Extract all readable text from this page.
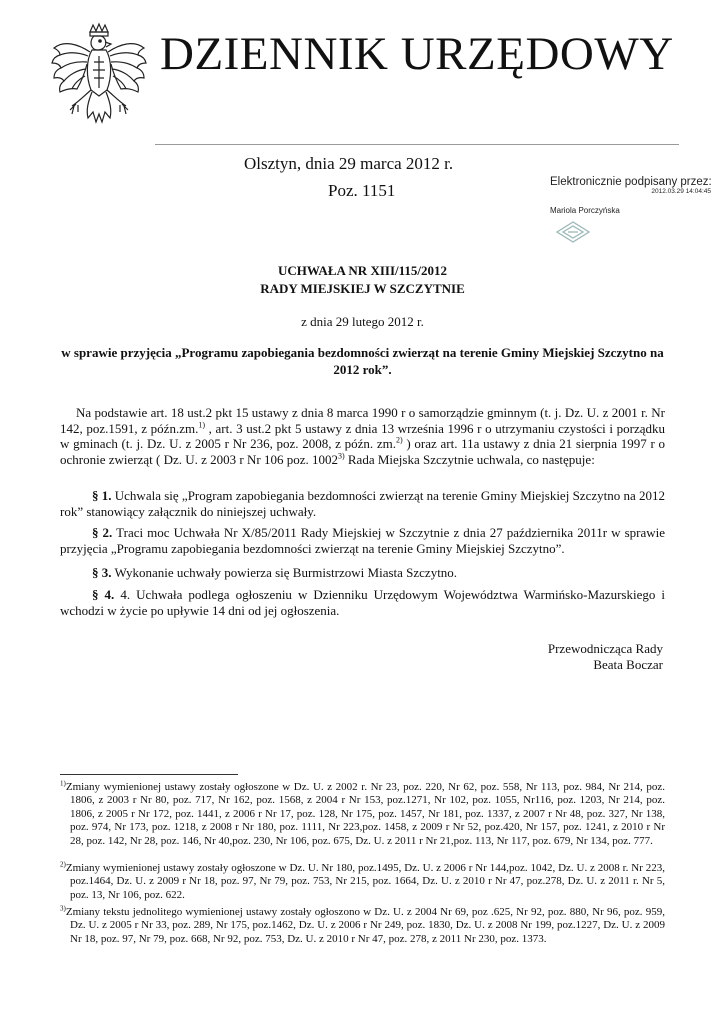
DZIENNIK URZĘDOWY
Olsztyn, dnia 29 marca 2012 r.
Poz. 1151	Elektronicznie podpisany przez:
2012.03.29 14:04:45
Mariola Porczyńska
UCHWAŁA NR XIII/115/2012
RADY MIEJSKIEJ W SZCZYTNIE
z dnia 29 lutego 2012 r.
w sprawie przyjęcia „Programu zapobiegania bezdomności zwierząt na terenie Gminy Miejskiej Szczytno na 2012 rok”.
Na podstawie art. 18 ust.2 pkt 15 ustawy z dnia 8 marca 1990 r o samorządzie gminnym (t. j. Dz. U. z 2001 r. Nr 142, poz.1591, z późn.zm.$^{1)}$ , art. 3 ust.2 pkt 5 ustawy z dnia 13 września 1996 r o utrzymaniu czystości i porządku w gminach (t. j. Dz. U. z 2005 r Nr 236, poz. 2008, z późn. zm.$^{2)}$ ) oraz art. 11a ustawy z dnia 21 sierpnia 1997 r o ochronie zwierząt ( Dz. U. z 2003 r Nr 106 poz. 1002$^{3)}$ Rada Miejska Szczytnie uchwala, co następuje:
§ 1. Uchwala się „Program zapobiegania bezdomności zwierząt na terenie Gminy Miejskiej Szczytno na 2012 rok” stanowiący załącznik do niniejszej uchwały.
§ 2. Traci moc Uchwała Nr X/85/2011 Rady Miejskiej w Szczytnie z dnia 27 października 2011r w sprawie przyjęcia „Programu zapobiegania bezdomności zwierząt na terenie Gminy Miejskiej Szczytno”.
§ 3. Wykonanie uchwały powierza się Burmistrzowi Miasta Szczytno.
§ 4. 4. Uchwała podlega ogłoszeniu w Dzienniku Urzędowym Województwa Warmińsko-Mazurskiego i wchodzi w życie po upływie 14 dni od jej ogłoszenia.
Przewodnicząca Rady
Beata Boczar
$^{1)}$Zmiany wymienionej ustawy zostały ogłoszone w Dz. U. z 2002 r. Nr 23, poz. 220, Nr 62, poz. 558, Nr 113, poz. 984, Nr 214, poz. 1806, z 2003 r Nr 80, poz. 717, Nr 162, poz. 1568, z 2004 r Nr 153, poz.1271, Nr 102, poz. 1055, Nr116, poz. 1203, Nr 214, poz. 1806, z 2005 r Nr 172, poz. 1441, z 2006 r Nr 17, poz. 128, Nr 175, poz. 1457, Nr 181, poz. 1337, z 2007 r Nr 48, poz. 327, Nr 138, poz. 974, Nr 173, poz. 1218, z 2008 r Nr 180, poz. 1111, Nr 223,poz. 1458, z 2009 r Nr 52, poz.420, Nr 157, poz. 1241, z 2010 r Nr 28, poz. 142, Nr 28, poz. 146, Nr 40,poz. 230, Nr 106, poz. 675, Dz. U. z 2011 r Nr 21,poz. 113, Nr 117, poz. 679, Nr 134, poz. 777.
$^{2)}$Zmiany wymienionej ustawy zostały ogłoszone w Dz. U. Nr 180, poz.1495, Dz. U. z 2006 r Nr 144,poz. 1042, Dz. U. z 2008 r. Nr 223, poz.1464, Dz. U. z 2009 r Nr 18, poz. 97, Nr 79, poz. 753, Nr 215, poz. 1664, Dz. U. z 2010 r Nr 47, poz.278, Dz. U. z 2011 r. Nr 5, poz. 13, Nr 106, poz. 622.
$^{3)}$Zmiany tekstu jednolitego wymienionej ustawy zostały ogłoszono w Dz. U. z 2004 Nr 69, poz .625, Nr 92, poz. 880, Nr 96, poz. 959, Dz. U. z 2005 r Nr 33, poz. 289, Nr 175, poz.1462, Dz. U. z 2006 r Nr 249, poz. 1830, Dz. U. z 2008 Nr 199, poz.1227, Dz. U. z 2009 Nr 18, poz. 97, Nr 79, poz. 668, Nr 92, poz. 753, Dz. U. z 2010 r Nr 47, poz. 278, z 2011 Nr 230, poz. 1373.
